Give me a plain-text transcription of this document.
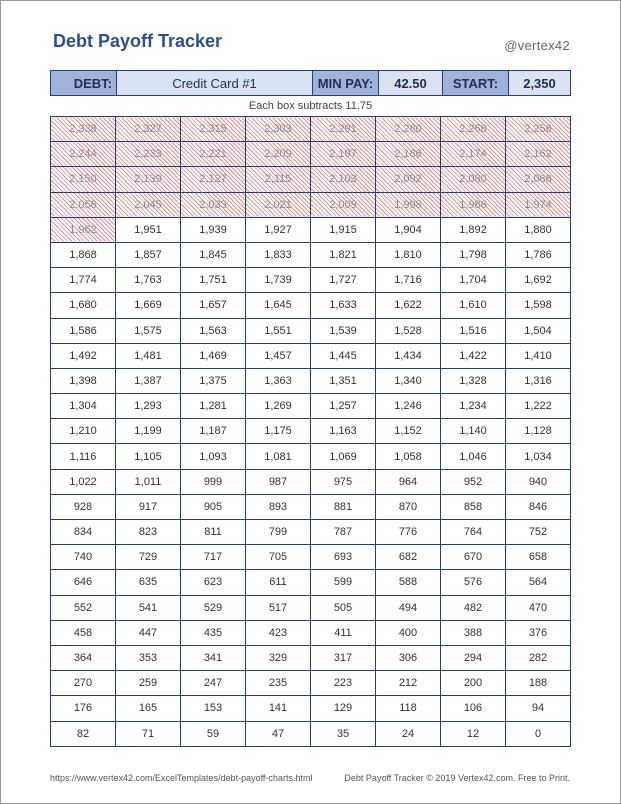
Debt Payoff Tracker	@vertex42
DEBT:	Credit Card #1	MIN PAY:	42.50	START:	2,350
Each box subtracts 11.75
2,338	2,327	2,315	2,303	2,291	2,280	2,268	2,256
2,244	2,233	2,221	2,209	2,197	2,186	2,174	2,162
2,150	2,139	2,127	2,115	2,103	2,092	2,080	2,068
2,056	2,045	2,033	2,021	2,009	1,998	1,986	1,974
1,962	1,951	1,939	1,927	1,915	1,904	1,892	1,880
1,868	1,857	1,845	1,833	1,821	1,810	1,798	1,786
1,774	1,763	1,751	1,739	1,727	1,716	1,704	1,692
1,680	1,669	1,657	1,645	1,633	1,622	1,610	1,598
1,586	1,575	1,563	1,551	1,539	1,528	1,516	1,504
1,492	1,481	1,469	1,457	1,445	1,434	1,422	1,410
1,398	1,387	1,375	1,363	1,351	1,340	1,328	1,316
1,304	1,293	1,281	1,269	1,257	1,246	1,234	1,222
1,210	1,199	1,187	1,175	1,163	1,152	1,140	1,128
1,116	1,105	1,093	1,081	1,069	1,058	1,046	1,034
1,022	1,011	999	987	975	964	952	940
928	917	905	893	881	870	858	846
834	823	811	799	787	776	764	752
740	729	717	705	693	682	670	658
646	635	623	611	599	588	576	564
552	541	529	517	505	494	482	470
458	447	435	423	411	400	388	376
364	353	341	329	317	306	294	282
270	259	247	235	223	212	200	188
176	165	153	141	129	118	106	94
82	71	59	47	35	24	12	0
https://www.vertex42.com/ExcelTemplates/debt-payoff-charts.html	Debt Payoff Tracker © 2019 Vertex42.com. Free to Print.
